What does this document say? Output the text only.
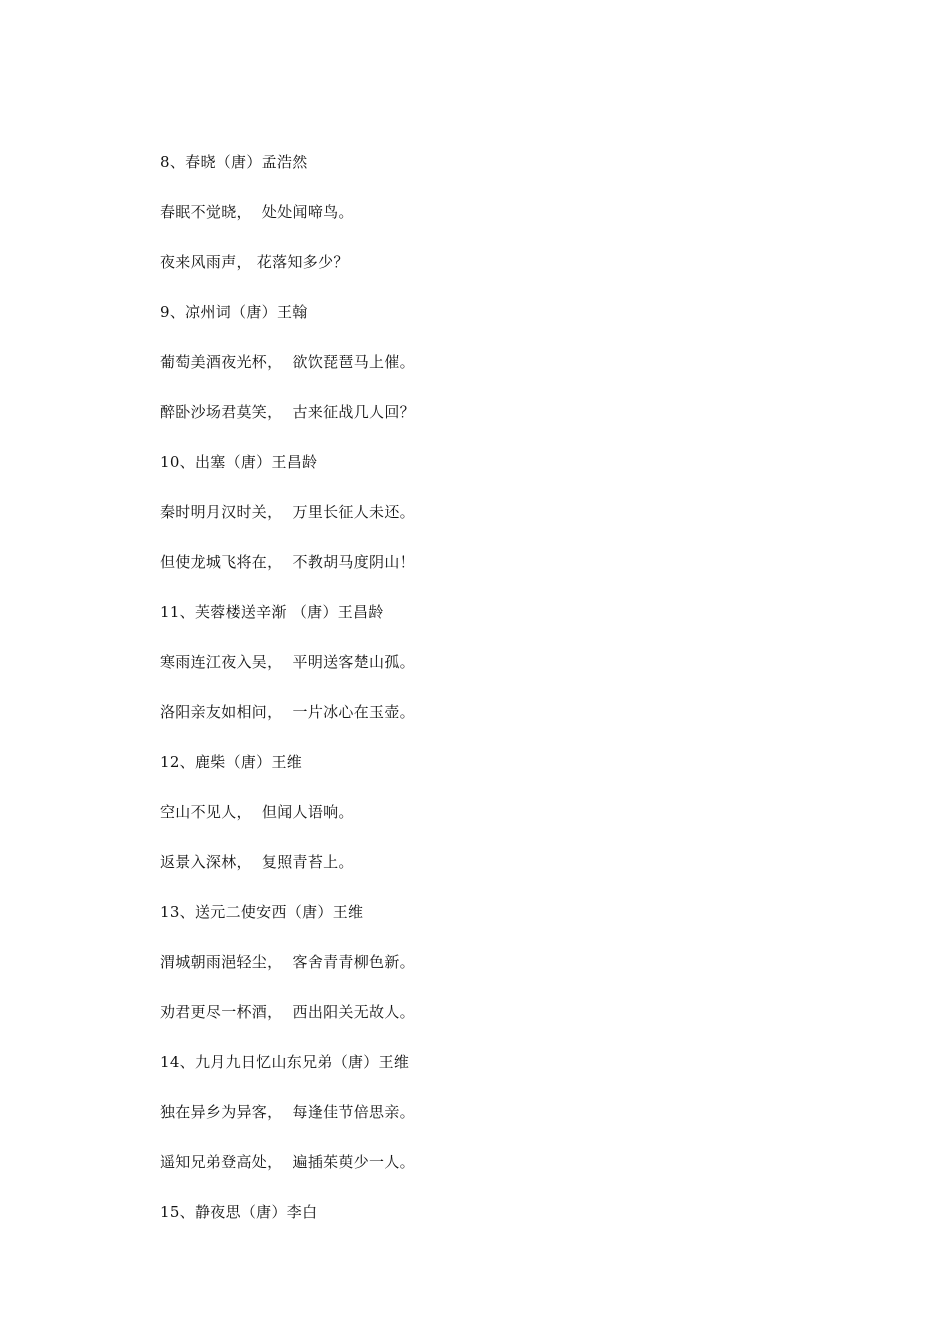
8、春晓（唐）孟浩然
春眠不觉晓，  处处闻啼鸟。
夜来风雨声， 花落知多少？
9、凉州词（唐）王翰
葡萄美酒夜光杯，  欲饮琵琶马上催。
醉卧沙场君莫笑，  古来征战几人回？
10、出塞（唐）王昌龄
秦时明月汉时关，  万里长征人未还。
但使龙城飞将在，  不教胡马度阴山！
11、芙蓉楼送辛渐 （唐）王昌龄
寒雨连江夜入吴，  平明送客楚山孤。
洛阳亲友如相问，  一片冰心在玉壶。
12、鹿柴（唐）王维
空山不见人，  但闻人语响。
返景入深林，  复照青苔上。
13、送元二使安西（唐）王维
渭城朝雨浥轻尘，  客舍青青柳色新。
劝君更尽一杯酒，  西出阳关无故人。
14、九月九日忆山东兄弟（唐）王维
独在异乡为异客，  每逢佳节倍思亲。
遥知兄弟登高处，  遍插茱萸少一人。
15、静夜思（唐）李白
